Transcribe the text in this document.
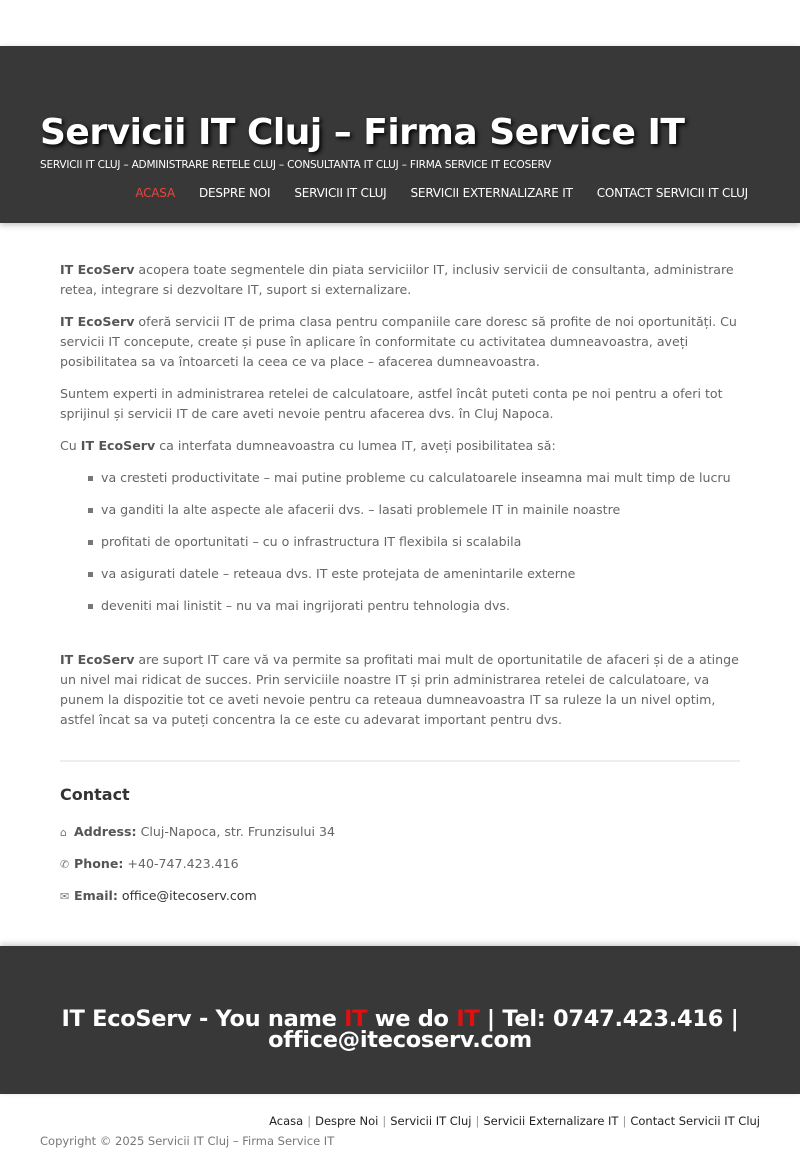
Servicii IT Cluj – Firma Service IT
SERVICII IT CLUJ – ADMINISTRARE RETELE CLUJ – CONSULTANTA IT CLUJ – FIRMA SERVICE IT ECOSERV
ACASA DESPRE NOI SERVICII IT CLUJ SERVICII EXTERNALIZARE IT CONTACT SERVICII IT CLUJ

IT EcoServ acopera toate segmentele din piata serviciilor IT, inclusiv servicii de consultanta, administrare retea, integrare si dezvoltare IT, suport si externalizare.

IT EcoServ oferă servicii IT de prima clasa pentru companiile care doresc să profite de noi oportunități. Cu servicii IT concepute, create și puse în aplicare în conformitate cu activitatea dumneavoastra, aveți posibilitatea sa va întoarceti la ceea ce va place – afacerea dumneavoastra.

Suntem experti in administrarea retelei de calculatoare, astfel încât puteti conta pe noi pentru a oferi tot sprijinul și servicii IT de care aveti nevoie pentru afacerea dvs. în Cluj Napoca.

Cu IT EcoServ ca interfata dumneavoastra cu lumea IT, aveți posibilitatea să:

va cresteti productivitate – mai putine probleme cu calculatoarele inseamna mai mult timp de lucru
va ganditi la alte aspecte ale afacerii dvs. – lasati problemele IT in mainile noastre
profitati de oportunitati – cu o infrastructura IT flexibila si scalabila
va asigurati datele – reteaua dvs. IT este protejata de amenintarile externe
deveniti mai linistit – nu va mai ingrijorati pentru tehnologia dvs.

IT EcoServ are suport IT care vă va permite sa profitati mai mult de oportunitatile de afaceri și de a atinge un nivel mai ridicat de succes. Prin serviciile noastre IT și prin administrarea retelei de calculatoare, va punem la dispozitie tot ce aveti nevoie pentru ca reteaua dumneavoastra IT sa ruleze la un nivel optim, astfel încat sa va puteți concentra la ce este cu adevarat important pentru dvs.

Contact
⌂ Address: Cluj-Napoca, str. Frunzisului 34
✆ Phone: +40-747.423.416
✉ Email: office@itecoserv.com
IT EcoServ - You name IT we do IT | Tel: 0747.423.416 | office@itecoserv.com
Acasa | Despre Noi | Servicii IT Cluj | Servicii Externalizare IT | Contact Servicii IT Cluj
Copyright © 2025 Servicii IT Cluj – Firma Service IT
